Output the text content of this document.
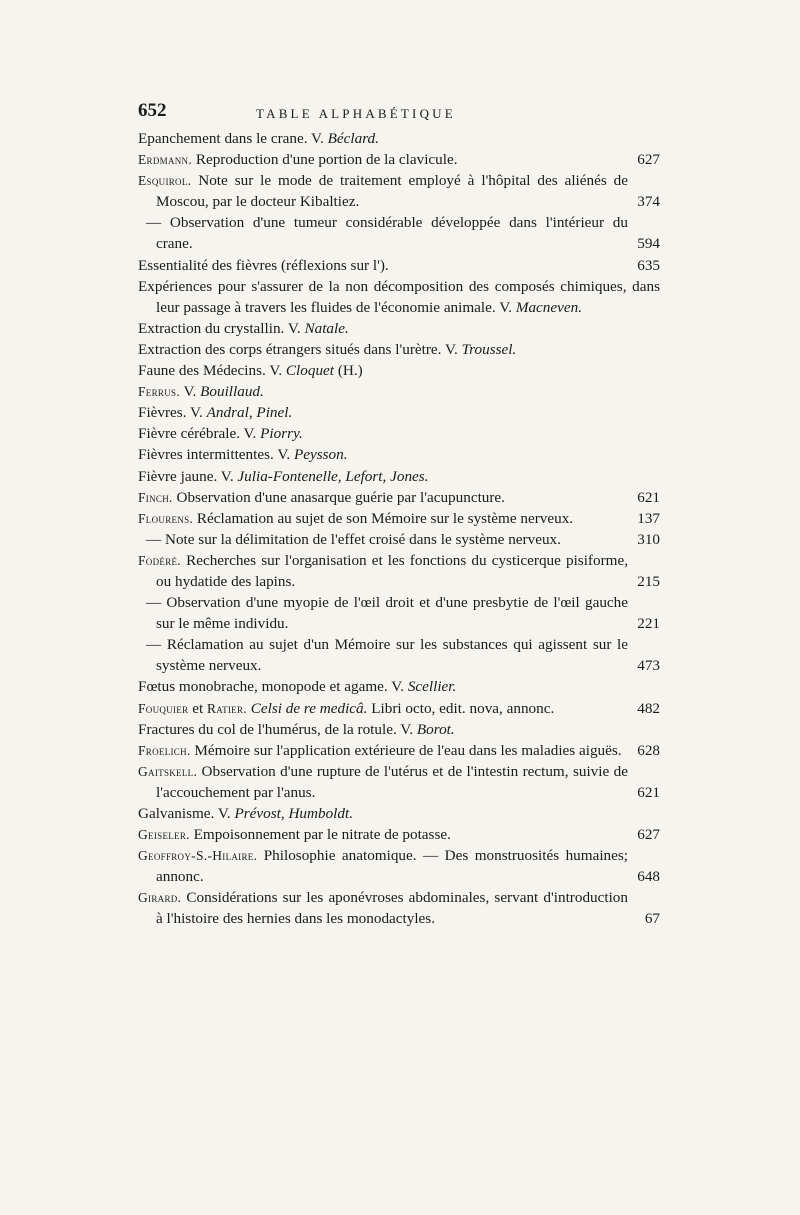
652	TABLE ALPHABÉTIQUE
Epanchement dans le crane. V. Béclard.
Erdmann. Reproduction d'une portion de la clavicule.	627
Esquirol. Note sur le mode de traitement employé à l'hôpital des aliénés de Moscou, par le docteur Kibaltiez.	374
— Observation d'une tumeur considérable développée dans l'intérieur du crane.	594
Essentialité des fièvres (réflexions sur l').	635
Expériences pour s'assurer de la non décomposition des composés chimiques, dans leur passage à travers les fluides de l'économie animale. V. Macneven.
Extraction du crystallin. V. Natale.
Extraction des corps étrangers situés dans l'urètre. V. Troussel.
Faune des Médecins. V. Cloquet (H.)
Ferrus. V. Bouillaud.
Fièvres. V. Andral, Pinel.
Fièvre cérébrale. V. Piorry.
Fièvres intermittentes. V. Peysson.
Fièvre jaune. V. Julia-Fontenelle, Lefort, Jones.
Finch. Observation d'une anasarque guérie par l'acupuncture.	621
Flourens. Réclamation au sujet de son Mémoire sur le système nerveux.	137
— Note sur la délimitation de l'effet croisé dans le système nerveux.	310
Fodéré. Recherches sur l'organisation et les fonctions du cysticerque pisiforme, ou hydatide des lapins.	215
— Observation d'une myopie de l'œil droit et d'une presbytie de l'œil gauche sur le même individu.	221
— Réclamation au sujet d'un Mémoire sur les substances qui agissent sur le système nerveux.	473
Fœtus monobrache, monopode et agame. V. Scellier.
Fouquier et Ratier. Celsi de re medicâ. Libri octo, edit. nova, annonc.	482
Fractures du col de l'humérus, de la rotule. V. Borot.
Froelich. Mémoire sur l'application extérieure de l'eau dans les maladies aiguës. 628
Gaitskell. Observation d'une rupture de l'utérus et de l'intestin rectum, suivie de l'accouchement par l'anus.	621
Galvanisme. V. Prévost, Humboldt.
Geiseler. Empoisonnement par le nitrate de potasse.	627
Geoffroy-S.-Hilaire. Philosophie anatomique. — Des monstruosités humaines; annonc.	648
Girard. Considérations sur les aponévroses abdominales, servant d'introduction à l'histoire des hernies dans les monodactyles.	67
